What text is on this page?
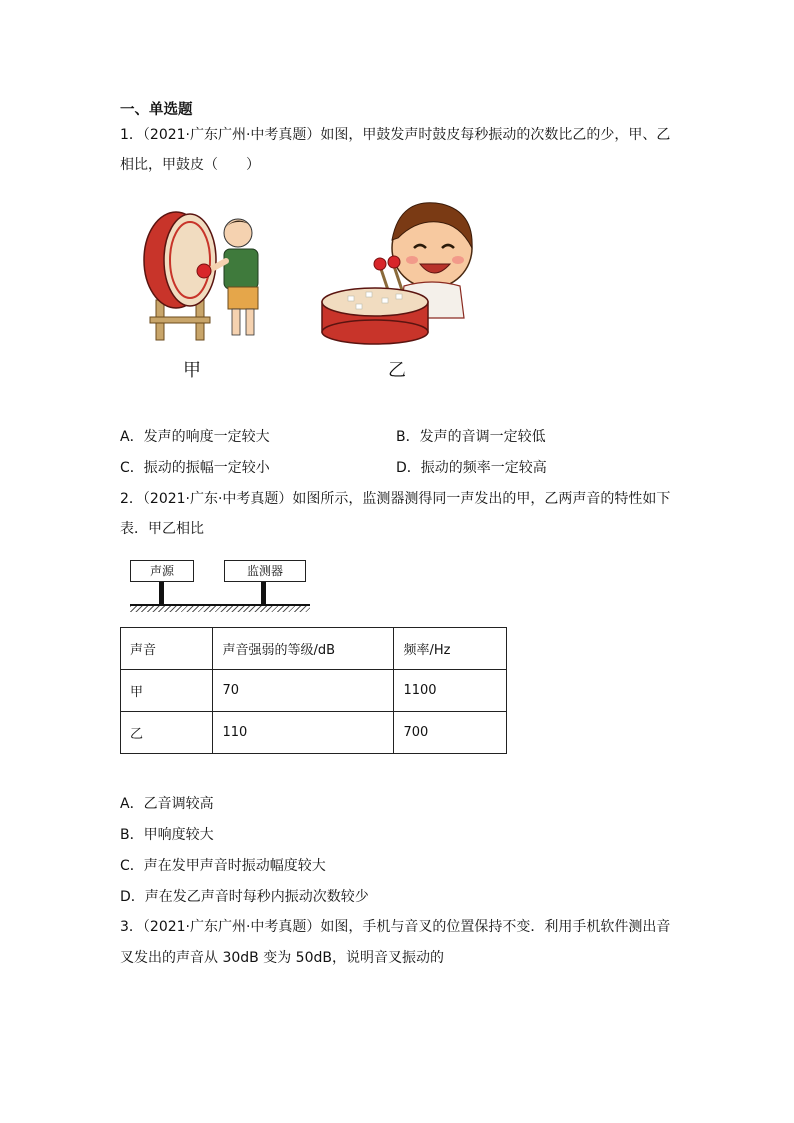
一、单选题
1．（2021·广东广州·中考真题）如图，甲鼓发声时鼓皮每秒振动的次数比乙的少，甲、乙
相比，甲鼓皮（　　）
甲	乙
A．发声的响度一定较大	B．发声的音调一定较低
C．振动的振幅一定较小	D．振动的频率一定较高
2．（2021·广东·中考真题）如图所示，监测器测得同一声发出的甲，乙两声音的特性如下
表．甲乙相比
声源	监测器
声音	声音强弱的等级/dB	频率/Hz
甲	70	1100
乙	110	700
A．乙音调较高
B．甲响度较大
C．声在发甲声音时振动幅度较大
D．声在发乙声音时每秒内振动次数较少
3．（2021·广东广州·中考真题）如图，手机与音叉的位置保持不变．利用手机软件测出音
叉发出的声音从 30dB 变为 50dB，说明音叉振动的
